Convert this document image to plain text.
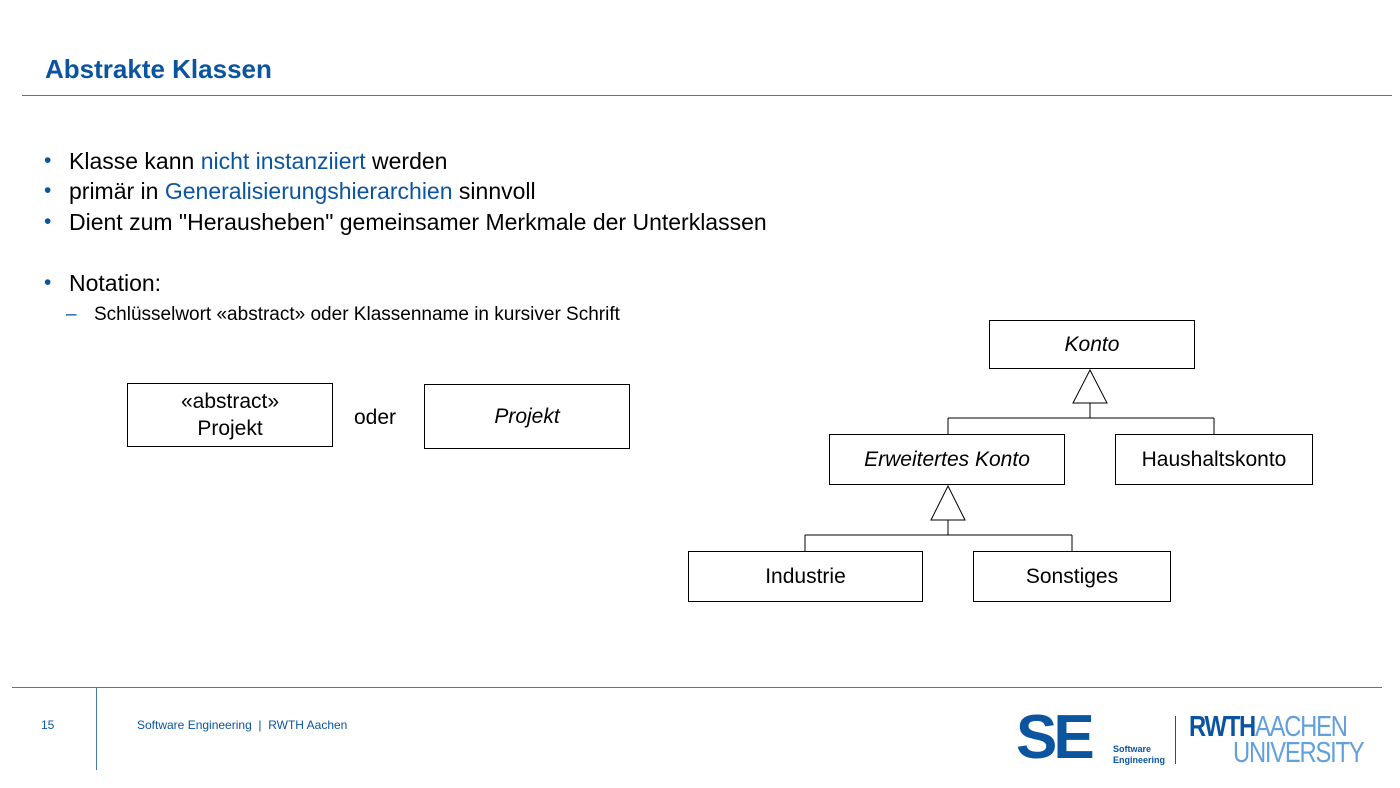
Abstrakte Klassen
• Klasse kann nicht instanziiert werden
• primär in Generalisierungshierarchien sinnvoll
• Dient zum "Herausheben" gemeinsamer Merkmale der Unterklassen
• Notation:
– Schlüsselwort «abstract» oder Klassenname in kursiver Schrift
«abstract»
Projekt	oder	Projekt
Konto
Erweitertes Konto	Haushaltskonto
Industrie	Sonstiges
15	Software Engineering  |  RWTH Aachen	SE Software
Engineering
RWTHAACHEN
UNIVERSITY
